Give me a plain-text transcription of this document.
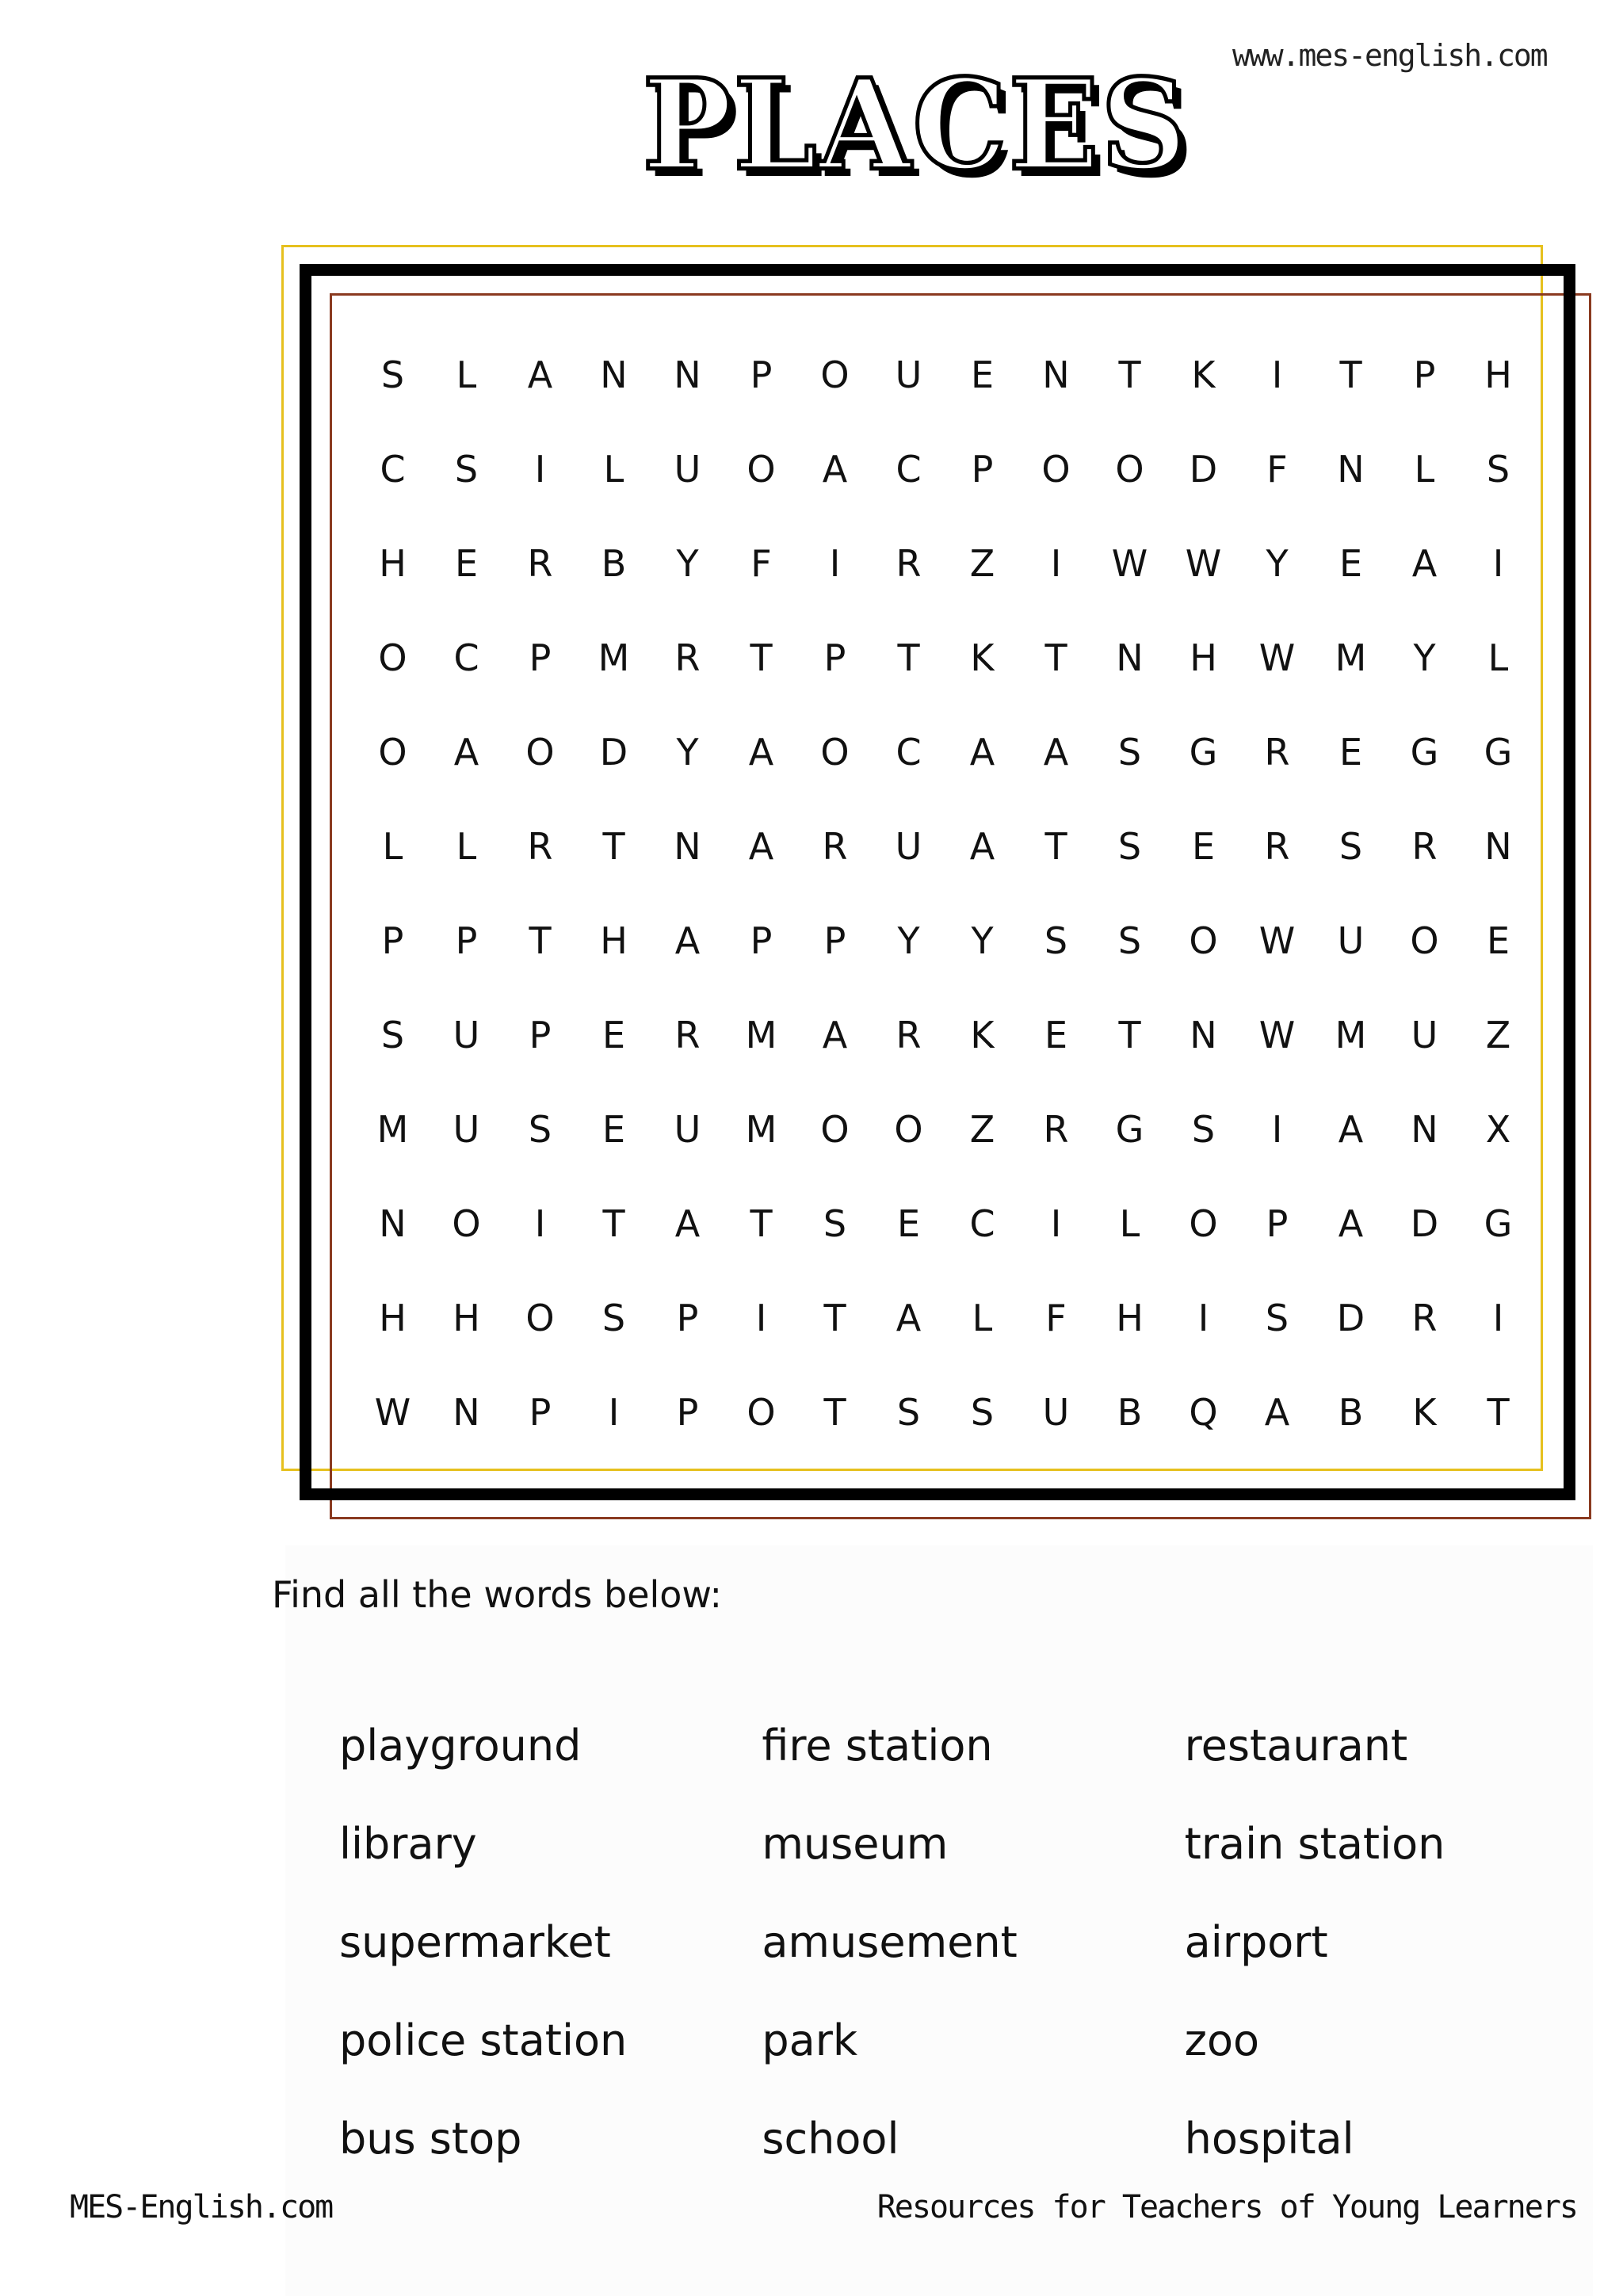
www.mes-english.com
PLACES
S	L	A	N	N	P	O	U	E	N	T	K	I	T	P	H
C	S	I	L	U	O	A	C	P	O	O	D	F	N	L	S
H	E	R	B	Y	F	I	R	Z	I	W	W	Y	E	A	I
O	C	P	M	R	T	P	T	K	T	N	H	W	M	Y	L
O	A	O	D	Y	A	O	C	A	A	S	G	R	E	G	G
L	L	R	T	N	A	R	U	A	T	S	E	R	S	R	N
P	P	T	H	A	P	P	Y	Y	S	S	O	W	U	O	E
S	U	P	E	R	M	A	R	K	E	T	N	W	M	U	Z
M	U	S	E	U	M	O	O	Z	R	G	S	I	A	N	X
N	O	I	T	A	T	S	E	C	I	L	O	P	A	D	G
H	H	O	S	P	I	T	A	L	F	H	I	S	D	R	I
W	N	P	I	P	O	T	S	S	U	B	Q	A	B	K	T
Find all the words below:
playground	fire station	restaurant
library	museum	train station
supermarket	amusement	airport
police station	park	zoo
bus stop	school	hospital
MES-English.com	Resources for Teachers of Young Learners
